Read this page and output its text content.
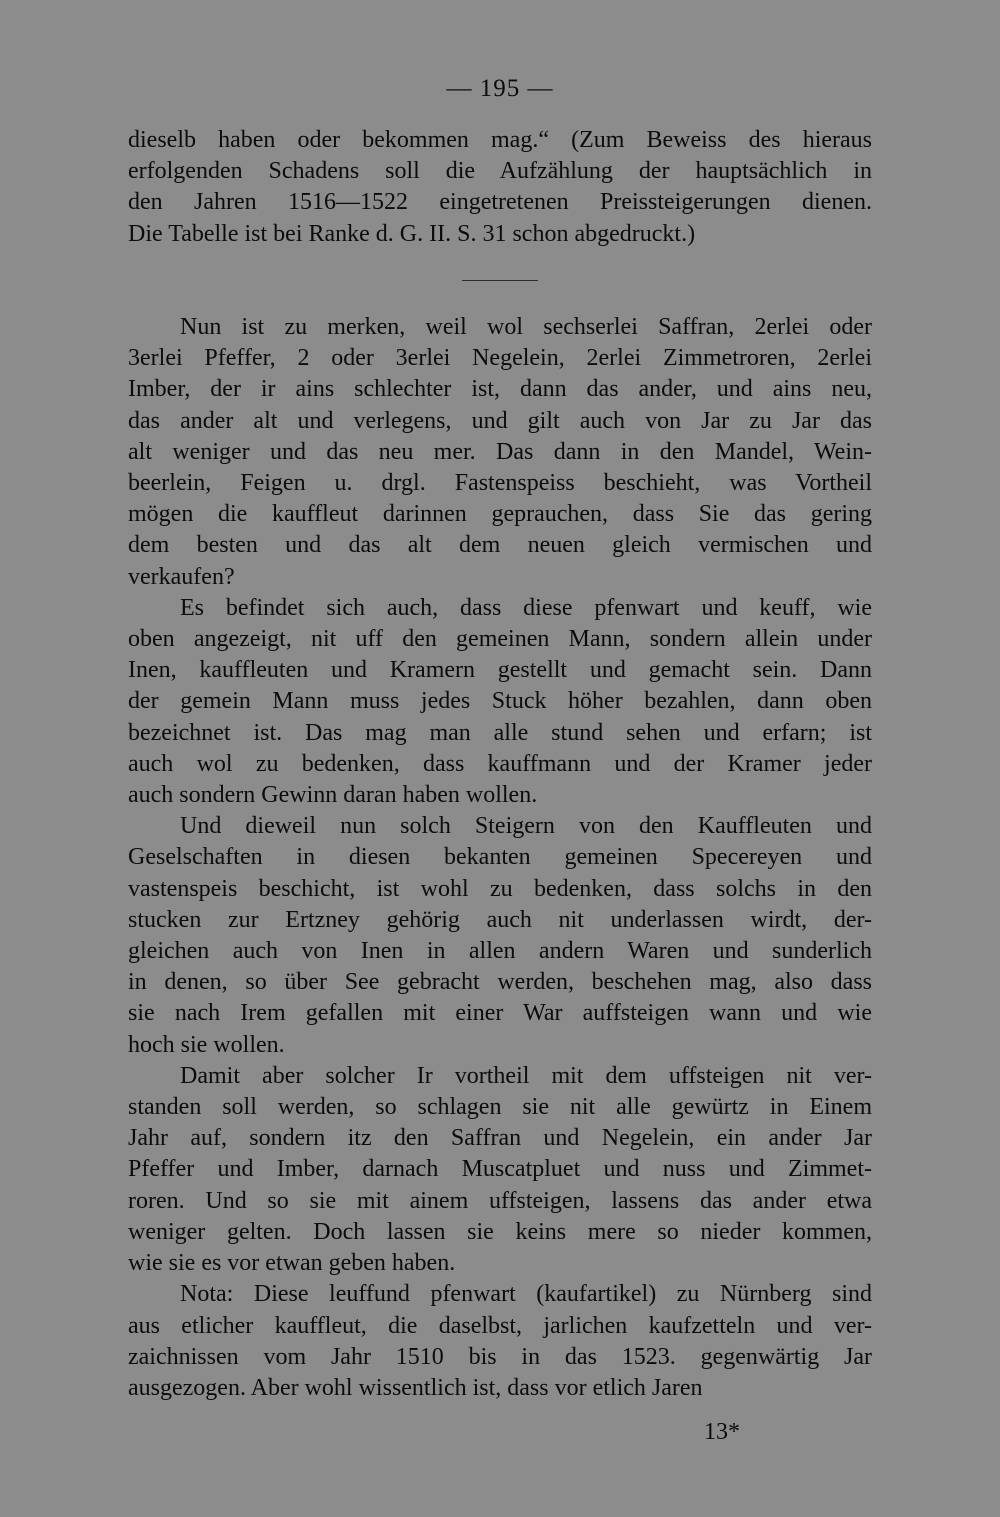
— 195 —

dieselb haben oder bekommen mag.“ (Zum Beweiss des hieraus
erfolgenden Schadens soll die Aufzählung der hauptsächlich in
den Jahren 1516—1522 eingetretenen Preissteigerungen dienen.
Die Tabelle ist bei Ranke d. G. II. S. 31 schon abgedruckt.)

Nun ist zu merken, weil wol sechserlei Saffran, 2erlei oder
3erlei Pfeffer, 2 oder 3erlei Negelein, 2erlei Zimmetroren, 2erlei
Imber, der ir ains schlechter ist, dann das ander, und ains neu,
das ander alt und verlegens, und gilt auch von Jar zu Jar das
alt weniger und das neu mer. Das dann in den Mandel, Wein-
beerlein, Feigen u. drgl. Fastenspeiss beschieht, was Vortheil
mögen die kauffleut darinnen geprauchen, dass Sie das gering
dem besten und das alt dem neuen gleich vermischen und
verkaufen?

Es befindet sich auch, dass diese pfenwart und keuff, wie
oben angezeigt, nit uff den gemeinen Mann, sondern allein under
Inen, kauffleuten und Kramern gestellt und gemacht sein. Dann
der gemein Mann muss jedes Stuck höher bezahlen, dann oben
bezeichnet ist. Das mag man alle stund sehen und erfarn; ist
auch wol zu bedenken, dass kauffmann und der Kramer jeder
auch sondern Gewinn daran haben wollen.

Und dieweil nun solch Steigern von den Kauffleuten und
Geselschaften in diesen bekanten gemeinen Specereyen und
vastenspeis beschicht, ist wohl zu bedenken, dass solchs in den
stucken zur Ertzney gehörig auch nit underlassen wirdt, der-
gleichen auch von Inen in allen andern Waren und sunderlich
in denen, so über See gebracht werden, beschehen mag, also dass
sie nach Irem gefallen mit einer War auffsteigen wann und wie
hoch sie wollen.

Damit aber solcher Ir vortheil mit dem uffsteigen nit ver-
standen soll werden, so schlagen sie nit alle gewürtz in Einem
Jahr auf, sondern itz den Saffran und Negelein, ein ander Jar
Pfeffer und Imber, darnach Muscatpluet und nuss und Zimmet-
roren. Und so sie mit ainem uffsteigen, lassens das ander etwa
weniger gelten. Doch lassen sie keins mere so nieder kommen,
wie sie es vor etwan geben haben.

Nota: Diese leuffund pfenwart (kaufartikel) zu Nürnberg sind
aus etlicher kauffleut, die daselbst, jarlichen kaufzetteln und ver-
zaichnissen vom Jahr 1510 bis in das 1523. gegenwärtig Jar
ausgezogen. Aber wohl wissentlich ist, dass vor etlich Jaren

13*
